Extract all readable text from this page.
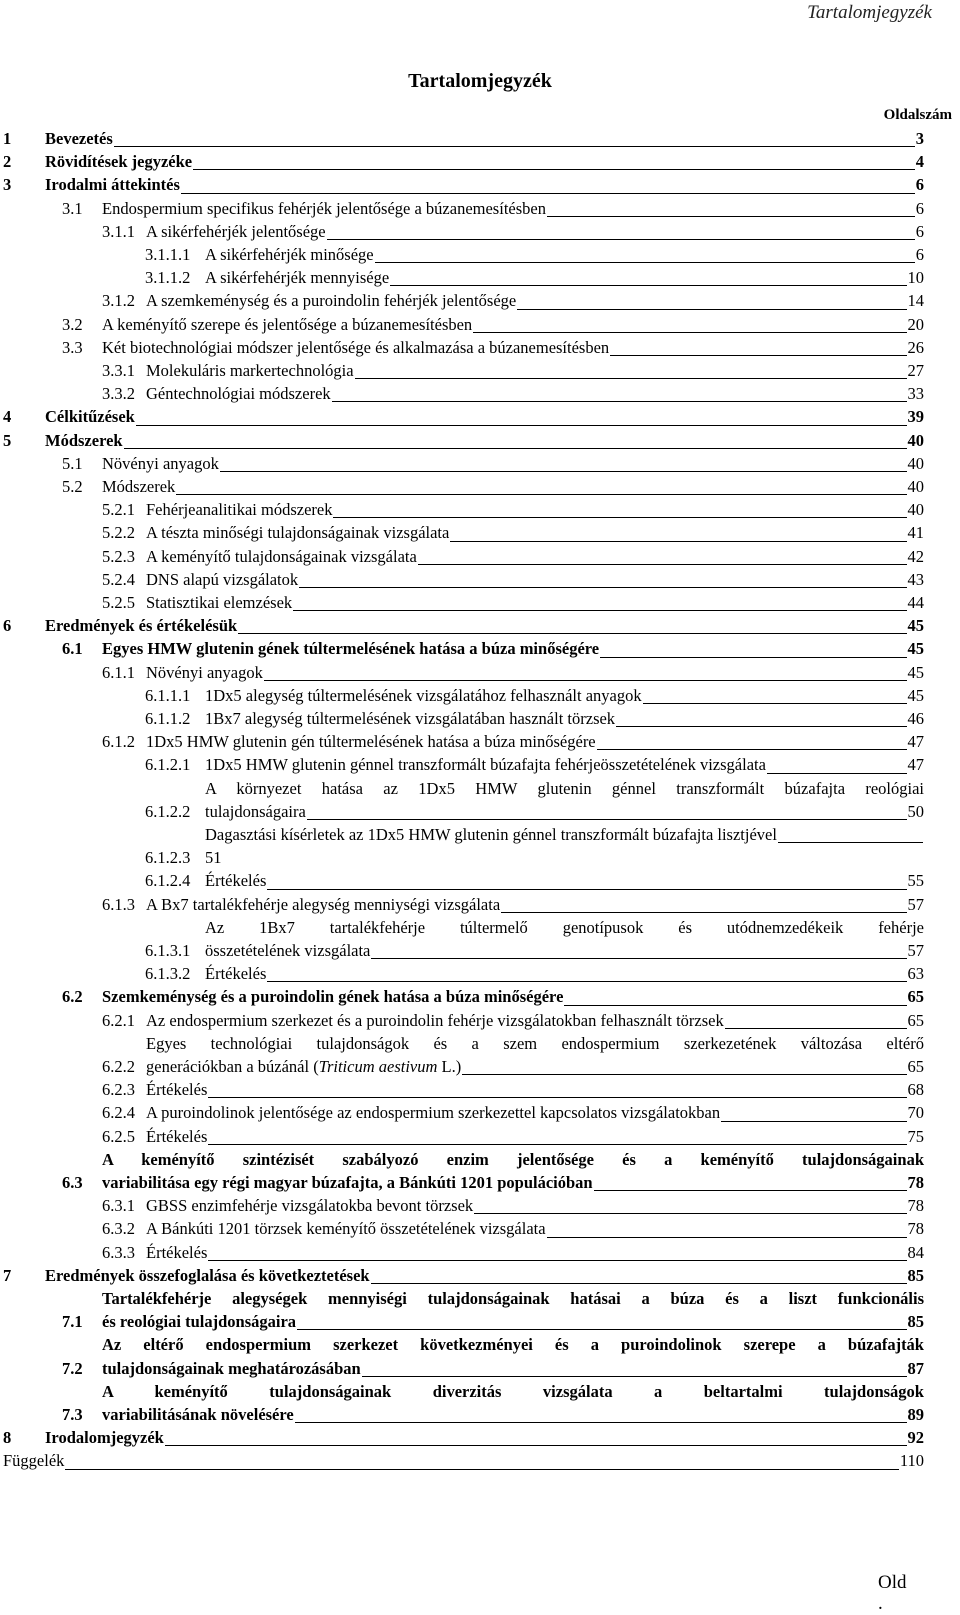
Tartalomjegyzék
Tartalomjegyzék
Oldalszám
1	Bevezetés	3
2	Rövidítések jegyzéke	4
3	Irodalmi áttekintés	6
3.1	Endospermium specifikus fehérjék jelentősége a búzanemesítésben	6
3.1.1 A sikérfehérjék jelentősége	6
3.1.1.1 A sikérfehérjék minősége	6
3.1.1.2 A sikérfehérjék mennyisége	10
3.1.2 A szemkeménység és a puroindolin fehérjék jelentősége	14
3.2	A keményítő szerepe és jelentősége a búzanemesítésben	20
3.3	Két biotechnológiai módszer jelentősége és alkalmazása a búzanemesítésben	26
3.3.1 Molekuláris markertechnológia	27
3.3.2 Géntechnológiai módszerek	33
4	Célkitűzések	39
5	Módszerek	40
5.1	Növényi anyagok	40
5.2	Módszerek	40
5.2.1 Fehérjeanalitikai módszerek	40
5.2.2 A tészta minőségi tulajdonságainak vizsgálata	41
5.2.3 A keményítő tulajdonságainak vizsgálata	42
5.2.4 DNS alapú vizsgálatok	43
5.2.5 Statisztikai elemzések	44
6	Eredmények és értékelésük	45
6.1	Egyes HMW glutenin gének túltermelésének hatása a búza minőségére	45
6.1.1 Növényi anyagok	45
6.1.1.1 1Dx5 alegység túltermelésének vizsgálatához felhasznált anyagok	45
6.1.1.2 1Bx7 alegység túltermelésének vizsgálatában használt törzsek	46
6.1.2 1Dx5 HMW glutenin gén túltermelésének hatása a búza minőségére	47
6.1.2.1 1Dx5 HMW glutenin génnel transzformált búzafajta fehérjeösszetételének vizsgálata	47
6.1.2.2
A környezet hatása az 1Dx5 HMW glutenin génnel transzformált búzafajta reológiai
tulajdonságaira	50
6.1.2.3
Dagasztási kísérletek az 1Dx5 HMW glutenin génnel transzformált búzafajta lisztjével
51
6.1.2.4 Értékelés	55
6.1.3 A Bx7 tartalékfehérje alegység menniységi vizsgálata	57
6.1.3.1
Az 1Bx7 tartalékfehérje túltermelő genotípusok és utódnemzedékeik fehérje
összetételének vizsgálata	57
6.1.3.2 Értékelés	63
6.2	Szemkeménység és a puroindolin gének hatása a búza minőségére	65
6.2.1 Az endospermium szerkezet és a puroindolin fehérje vizsgálatokban felhasznált törzsek	65
6.2.2
Egyes technológiai tulajdonságok és a szem endospermium szerkezetének változása eltérő
generációkban a búzánál (Triticum aestivum L.)	65
6.2.3 Értékelés	68
6.2.4 A puroindolinok jelentősége az endospermium szerkezettel kapcsolatos vizsgálatokban	70
6.2.5 Értékelés	75
6.3
A keményítő szintézisét szabályozó enzim jelentősége és a keményítő tulajdonságainak
variabilitása egy régi magyar búzafajta, a Bánkúti 1201 populációban	78
6.3.1 GBSS enzimfehérje vizsgálatokba bevont törzsek	78
6.3.2 A Bánkúti 1201 törzsek keményítő összetételének vizsgálata	78
6.3.3 Értékelés	84
7	Eredmények összefoglalása és következtetések	85
7.1
Tartalékfehérje alegységek mennyiségi tulajdonságainak hatásai a búza és a liszt funkcionális
és reológiai tulajdonságaira	85
7.2
Az eltérő endospermium szerkezet következményei és a puroindolinok szerepe a búzafajták
tulajdonságainak meghatározásában	87
7.3
A keményítő tulajdonságainak diverzitás vizsgálata a beltartalmi tulajdonságok
variabilitásának növelésére	89
8	Irodalomjegyzék	92
Függelék	110
Old
.
